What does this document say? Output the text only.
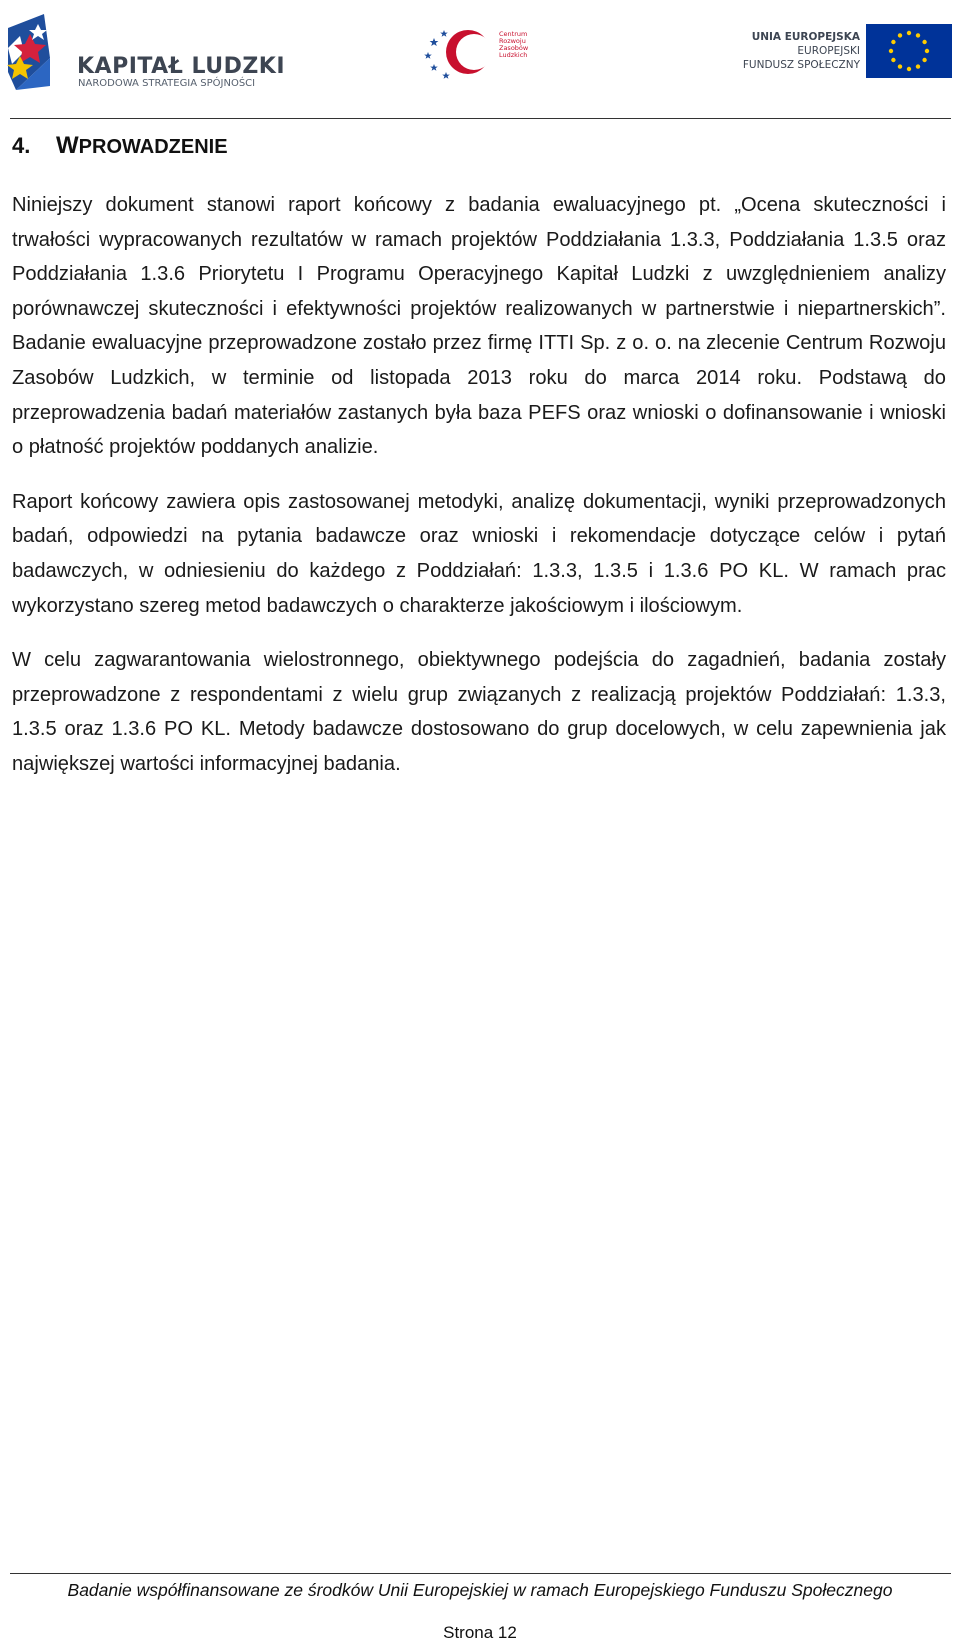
KAPITAŁ LUDZKI
NARODOWA STRATEGIA SPÓJNOŚCI
Centrum
Rozwoju
Zasobów
Ludzkich
UNIA EUROPEJSKA
EUROPEJSKI
FUNDUSZ SPOŁECZNY
4. WPROWADZENIE

Niniejszy dokument stanowi raport końcowy z badania ewaluacyjnego pt. „Ocena skuteczności i trwałości wypracowanych rezultatów w ramach projektów Poddziałania 1.3.3, Poddziałania 1.3.5 oraz Poddziałania 1.3.6 Priorytetu I Programu Operacyjnego Kapitał Ludzki z uwzględnieniem analizy porównawczej skuteczności i efektywności projektów realizowanych w partnerstwie i niepartnerskich”. Badanie ewaluacyjne przeprowadzone zostało przez firmę ITTI Sp. z o. o. na zlecenie Centrum Rozwoju Zasobów Ludzkich, w terminie od listopada 2013 roku do marca 2014 roku. Podstawą do przeprowadzenia badań materiałów zastanych była baza PEFS oraz wnioski o dofinansowanie i wnioski o płatność projektów poddanych analizie.

Raport końcowy zawiera opis zastosowanej metodyki, analizę dokumentacji, wyniki przeprowadzonych badań, odpowiedzi na pytania badawcze oraz wnioski i rekomendacje dotyczące celów i pytań badawczych, w odniesieniu do każdego z Poddziałań: 1.3.3, 1.3.5 i 1.3.6 PO KL. W ramach prac wykorzystano szereg metod badawczych o charakterze jakościowym i ilościowym.

W celu zagwarantowania wielostronnego, obiektywnego podejścia do zagadnień, badania zostały przeprowadzone z respondentami z wielu grup związanych z realizacją projektów Poddziałań: 1.3.3, 1.3.5 oraz 1.3.6 PO KL. Metody badawcze dostosowano do grup docelowych, w celu zapewnienia jak największej wartości informacyjnej badania.

Badanie współfinansowane ze środków Unii Europejskiej w ramach Europejskiego Funduszu Społecznego
Strona 12
